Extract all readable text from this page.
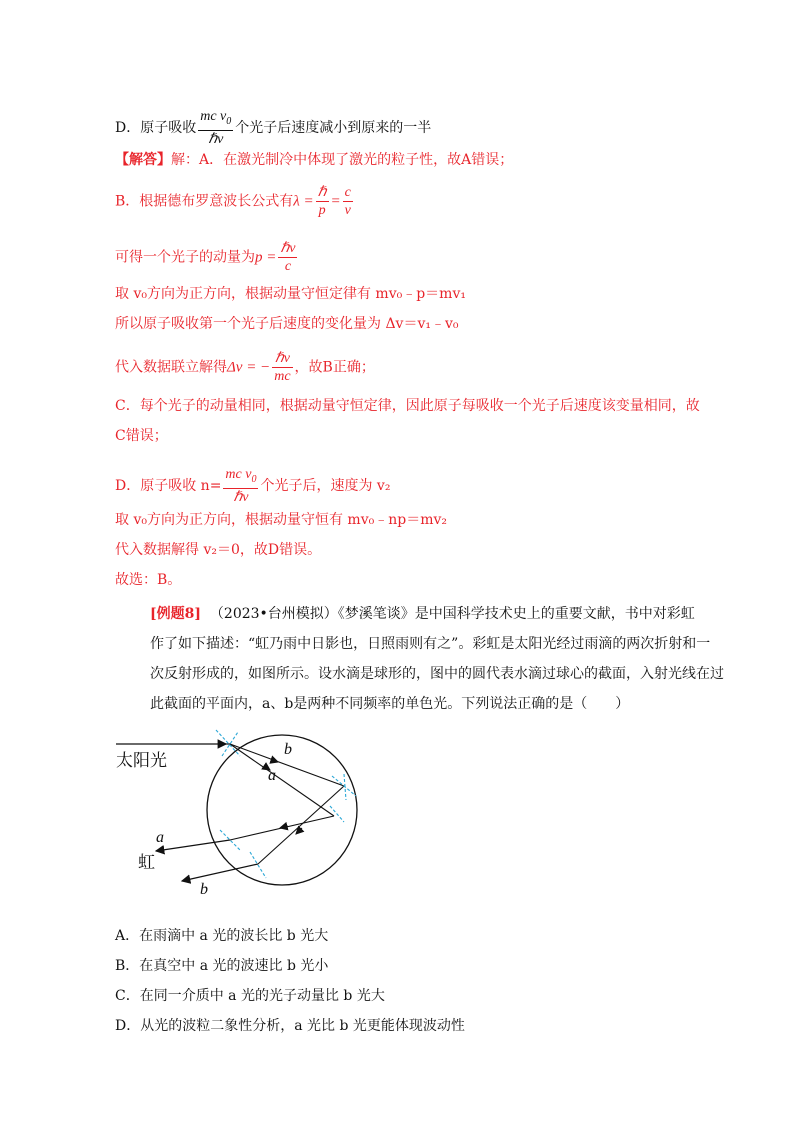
D．原子吸收 $\frac{mc v_0}{\text{ℏν}}$ 个光子后速度减小到原来的一半
【解答】解：A．在激光制冷中体现了激光的粒子性，故A错误；
B．根据德布罗意波长公式有$\lambda = \frac{\text{ℏ}}{p} = \frac{c}{\nu}$
可得一个光子的动量为$p = \frac{\text{ℏν}}{c}$
取 v₀方向为正方向，根据动量守恒定律有 mv₀﹣p＝mv₁
所以原子吸收第一个光子后速度的变化量为 Δv＝v₁﹣v₀
代入数据联立解得Δv = − $\frac{\text{ℏν}}{mc}$ ，故B正确；
C．每个光子的动量相同，根据动量守恒定律，因此原子每吸收一个光子后速度该变量相同，故
C错误；
D．原子吸收 $n= \frac{mc v_0}{\text{ℏν}}$ 个光子后，速度为 v₂
取 v₀方向为正方向，根据动量守恒有 mv₀﹣np＝mv₂
代入数据解得 v₂＝0，故D错误。
故选：B。
[例题8] （2023•台州模拟）《梦溪笔谈》是中国科学技术史上的重要文献，书中对彩虹
作了如下描述：“虹乃雨中日影也，日照雨则有之”。彩虹是太阳光经过雨滴的两次折射和一
次反射形成的，如图所示。设水滴是球形的，图中的圆代表水滴过球心的截面，入射光线在过
此截面的平面内，a、b是两种不同频率的单色光。下列说法正确的是（　　）
太阳光
b
a
a
虹
b
A．在雨滴中 a 光的波长比 b 光大
B．在真空中 a 光的波速比 b 光小
C．在同一介质中 a 光的光子动量比 b 光大
D．从光的波粒二象性分析，a 光比 b 光更能体现波动性
